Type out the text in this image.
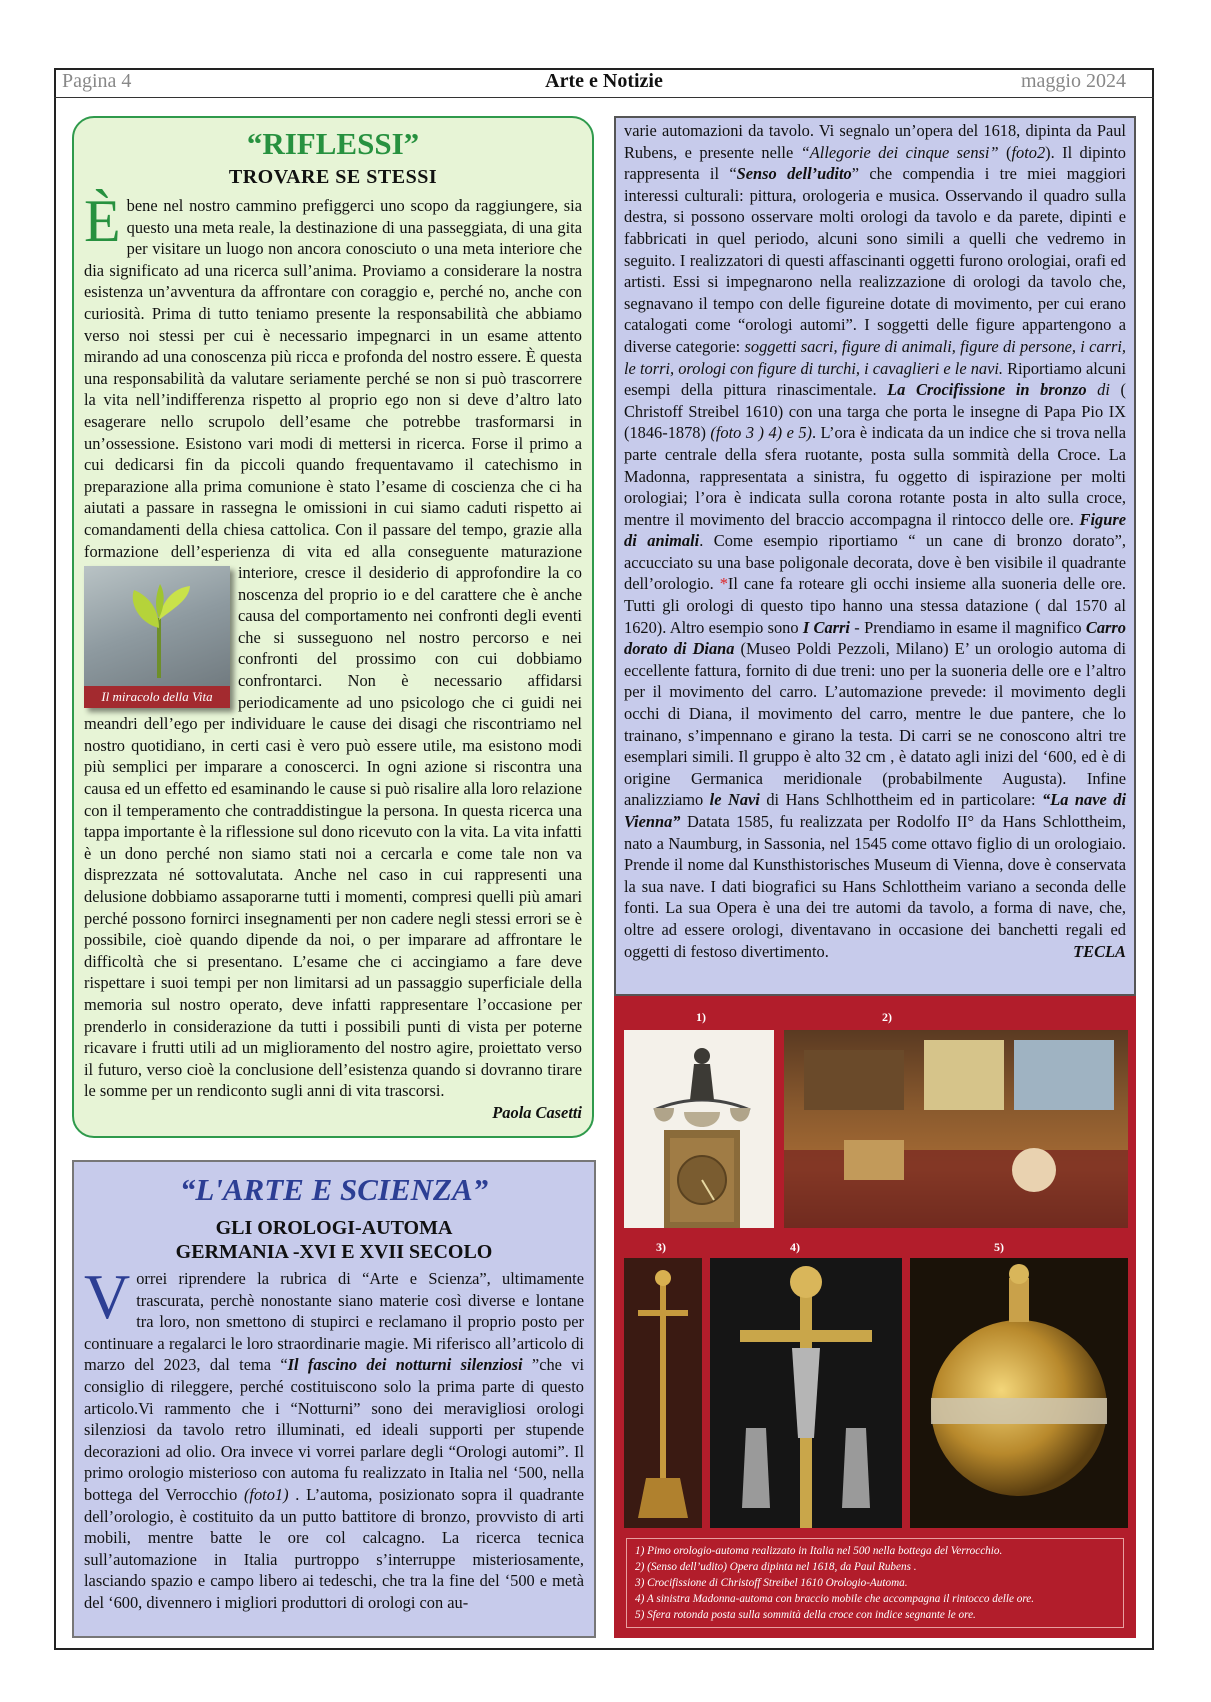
Pagina 4	Arte e Notizie	maggio 2024
“RIFLESSI”
TROVARE SE STESSI
È bene nel nostro cammino prefiggerci uno scopo da raggiungere, sia questo una meta reale, la destinazione di una passeggiata, di una gita per visitare un luogo non ancora conosciuto o una meta interiore che dia significato ad una ricerca sull’anima. Proviamo a considerare la nostra esistenza un’avventura da affrontare con coraggio e, perché no, anche con curiosità. Prima di tutto teniamo presente la responsabilità che abbiamo verso noi stessi per cui è necessario impegnarci in un esame attento mirando ad una conoscenza più ricca e profonda del nostro essere. È questa una responsabilità da valutare seriamente perché se non si può trascorrere la vita nell’indifferenza rispetto al proprio ego non si deve d’altro lato esagerare nello scrupolo dell’esame che potrebbe trasformarsi in un’ossessione. Esistono vari modi di mettersi in ricerca. Forse il primo a cui dedicarsi fin da piccoli quando frequentavamo il catechismo in preparazione alla prima comunione è stato l’esame di coscienza che ci ha aiutati a passare in rassegna le omissioni in cui siamo caduti rispetto ai comandamenti della chiesa cattolica. Con il passare del tempo, grazie alla formazione dell’esperienza di vita ed alla conseguente maturazione interiore, cresce il desiderio di approfondire la co
Il miracolo della Vita
noscenza del proprio io e del carattere che è anche causa del comportamento nei confronti degli eventi che si susseguono nel nostro percorso e nei confronti del prossimo con cui dobbiamo confrontarci. Non è necessario affidarsi periodicamente ad uno psicologo che ci guidi nei meandri dell’ego per individuare le cause dei disagi che riscontriamo nel nostro quotidiano, in certi casi è vero può essere utile, ma esistono modi più semplici per imparare a conoscerci. In ogni azione si riscontra una causa ed un effetto ed esaminando le cause si può risalire alla loro relazione con il temperamento che contraddistingue la persona. In questa ricerca una tappa importante è la riflessione sul dono ricevuto con la vita. La vita infatti è un dono perché non siamo stati noi a cercarla e come tale non va disprezzata né sottovalutata. Anche nel caso in cui rappresenti una delusione dobbiamo assaporarne tutti i momenti, compresi quelli più amari perché possono fornirci insegnamenti per non cadere negli stessi errori se è possibile, cioè quando dipende da noi, o per imparare ad affrontare le difficoltà che si presentano. L’esame che ci accingiamo a fare deve rispettare i suoi tempi per non limitarsi ad un passaggio superficiale della memoria sul nostro operato, deve infatti rappresentare l’occasione per prenderlo in considerazione da tutti i possibili punti di vista per poterne ricavare i frutti utili ad un miglioramento del nostro agire, proiettato verso il futuro, verso cioè la conclusione dell’esistenza quando si dovranno tirare le somme per un rendiconto sugli anni di vita trascorsi.
Paola Casetti
“L'ARTE E SCIENZA”
GLI OROLOGI-AUTOMA
GERMANIA -XVI E XVII SECOLO

Vorrei riprendere la rubrica di “Arte e Scienza”, ultimamente trascurata, perchè nonostante siano materie così diverse e lontane tra loro, non smettono di stupirci e reclamano il proprio posto per continuare a regalarci le loro straordinarie magie. Mi riferisco all’articolo di marzo del 2023, dal tema “Il fascino dei notturni silenziosi ”che vi consiglio di rileggere, perché costituiscono solo la prima parte di questo articolo.Vi rammento che i “Notturni” sono dei meravigliosi orologi silenziosi da tavolo retro illuminati, ed ideali supporti per stupende decorazioni ad olio. Ora invece vi vorrei parlare degli “Orologi automi”. Il primo orologio misterioso con automa fu realizzato in Italia nel ‘500, nella bottega del Verrocchio (foto1) . L’automa, posizionato sopra il quadrante dell’orologio, è costituito da un putto battitore di bronzo, provvisto di arti mobili, mentre batte le ore col calcagno. La ricerca tecnica sull’automazione in Italia purtroppo s’interruppe misteriosamente, lasciando spazio e campo libero ai tedeschi, che tra la fine del ‘500 e metà del ‘600, divennero i migliori produttori di orologi con au-

varie automazioni da tavolo. Vi segnalo un’opera del 1618, dipinta da Paul Rubens, e presente nelle “Allegorie dei cinque sensi” (foto2). Il dipinto rappresenta il “Senso dell’udito” che compendia i tre miei maggiori interessi culturali: pittura, orologeria e musica. Osservando il quadro sulla destra, si possono osservare molti orologi da tavolo e da parete, dipinti e fabbricati in quel periodo, alcuni sono simili a quelli che vedremo in seguito. I realizzatori di questi affascinanti oggetti furono orologiai, orafi ed artisti. Essi si impegnarono nella realizzazione di orologi da tavolo che, segnavano il tempo con delle figureine dotate di movimento, per cui erano catalogati come “orologi automi”. I soggetti delle figure appartengono a diverse categorie: soggetti sacri, figure di animali, figure di persone, i carri, le torri, orologi con figure di turchi, i cavaglieri e le navi. Riportiamo alcuni esempi della pittura rinascimentale. La Crocifissione in bronzo di ( Christoff Streibel 1610) con una targa che porta le insegne di Papa Pio IX (1846-1878) (foto 3 ) 4) e 5). L’ora è indicata da un indice che si trova nella parte centrale della sfera ruotante, posta sulla sommità della Croce. La Madonna, rappresentata a sinistra, fu oggetto di ispirazione per molti orologiai; l’ora è indicata sulla corona rotante posta in alto sulla croce, mentre il movimento del braccio accompagna il rintocco delle ore. Figure di animali. Come esempio riportiamo “ un cane di bronzo dorato”, accucciato su una base poligonale decorata, dove è ben visibile il quadrante dell’orologio. *Il cane fa roteare gli occhi insieme alla suoneria delle ore. Tutti gli orologi di questo tipo hanno una stessa datazione ( dal 1570 al 1620). Altro esempio sono I Carri - Prendiamo in esame il magnifico Carro dorato di Diana (Museo Poldi Pezzoli, Milano) E’ un orologio automa di eccellente fattura, fornito di due treni: uno per la suoneria delle ore e l’altro per il movimento del carro. L’automazione prevede: il movimento degli occhi di Diana, il movimento del carro, mentre le due pantere, che lo trainano, s’impennano e girano la testa. Di carri se ne conoscono altri tre esemplari simili. Il gruppo è alto 32 cm , è datato agli inizi del ‘600, ed è di origine Germanica meridionale (probabilmente Augusta). Infine analizziamo le Navi di Hans Schlhottheim ed in particolare: “La nave di Vienna” Datata 1585, fu realizzata per Rodolfo II° da Hans Schlottheim, nato a Naumburg, in Sassonia, nel 1545 come ottavo figlio di un orologiaio. Prende il nome dal Kunsthistorisches Museum di Vienna, dove è conservata la sua nave. I dati biografici su Hans Schlottheim variano a seconda delle fonti. La sua Opera è una dei tre automi da tavolo, a forma di nave, che, oltre ad essere orologi, diventavano in occasione dei banchetti regali ed oggetti di festoso divertimento.	TECLA

1)	2)
3)	4)	5)
1) Pimo orologio-automa realizzato in Italia nel 500 nella bottega del Verrocchio.
2) (Senso dell’udito) Opera dipinta nel 1618, da Paul Rubens .
3) Crocifissione di Christoff Streibel 1610 Orologio-Automa.
4) A sinistra Madonna-automa con braccio mobile che accompagna il rintocco delle ore.
5) Sfera rotonda posta sulla sommità della croce con indice segnante le ore.
